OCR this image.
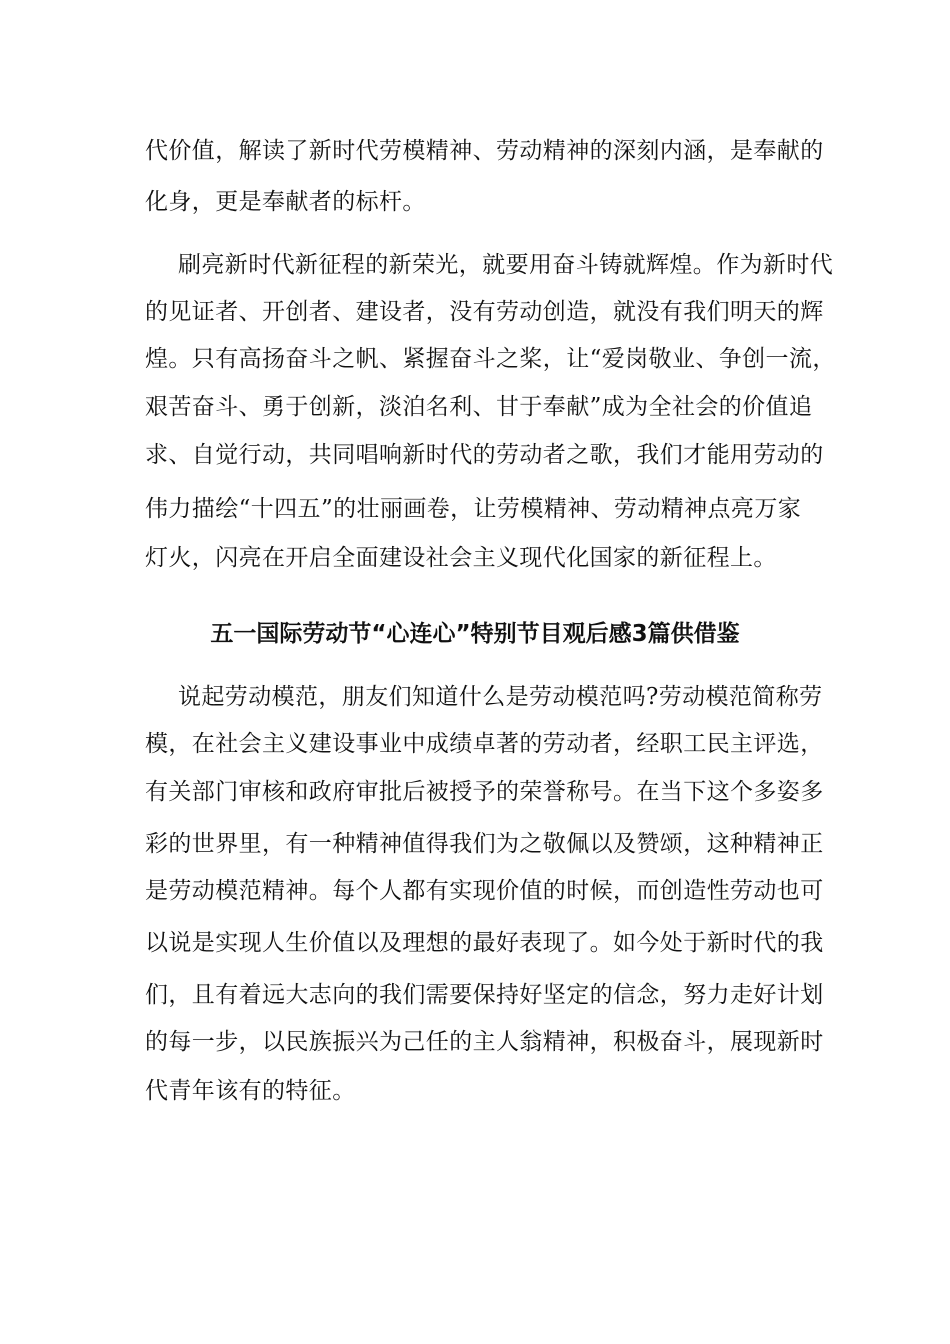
代价值，解读了新时代劳模精神、劳动精神的深刻内涵，是奉献的
化身，更是奉献者的标杆。
刷亮新时代新征程的新荣光，就要用奋斗铸就辉煌。作为新时代
的见证者、开创者、建设者，没有劳动创造，就没有我们明天的辉
煌。只有高扬奋斗之帆、紧握奋斗之桨，让“爱岗敬业、争创一流，
艰苦奋斗、勇于创新，淡泊名利、甘于奉献”成为全社会的价值追
求、自觉行动，共同唱响新时代的劳动者之歌，我们才能用劳动的
伟力描绘“十四五”的壮丽画卷，让劳模精神、劳动精神点亮万家
灯火，闪亮在开启全面建设社会主义现代化国家的新征程上。
五一国际劳动节“心连心”特别节目观后感3篇供借鉴
说起劳动模范，朋友们知道什么是劳动模范吗?劳动模范简称劳
模，在社会主义建设事业中成绩卓著的劳动者，经职工民主评选，
有关部门审核和政府审批后被授予的荣誉称号。在当下这个多姿多
彩的世界里，有一种精神值得我们为之敬佩以及赞颂，这种精神正
是劳动模范精神。每个人都有实现价值的时候，而创造性劳动也可
以说是实现人生价值以及理想的最好表现了。如今处于新时代的我
们，且有着远大志向的我们需要保持好坚定的信念，努力走好计划
的每一步，以民族振兴为己任的主人翁精神，积极奋斗，展现新时
代青年该有的特征。
